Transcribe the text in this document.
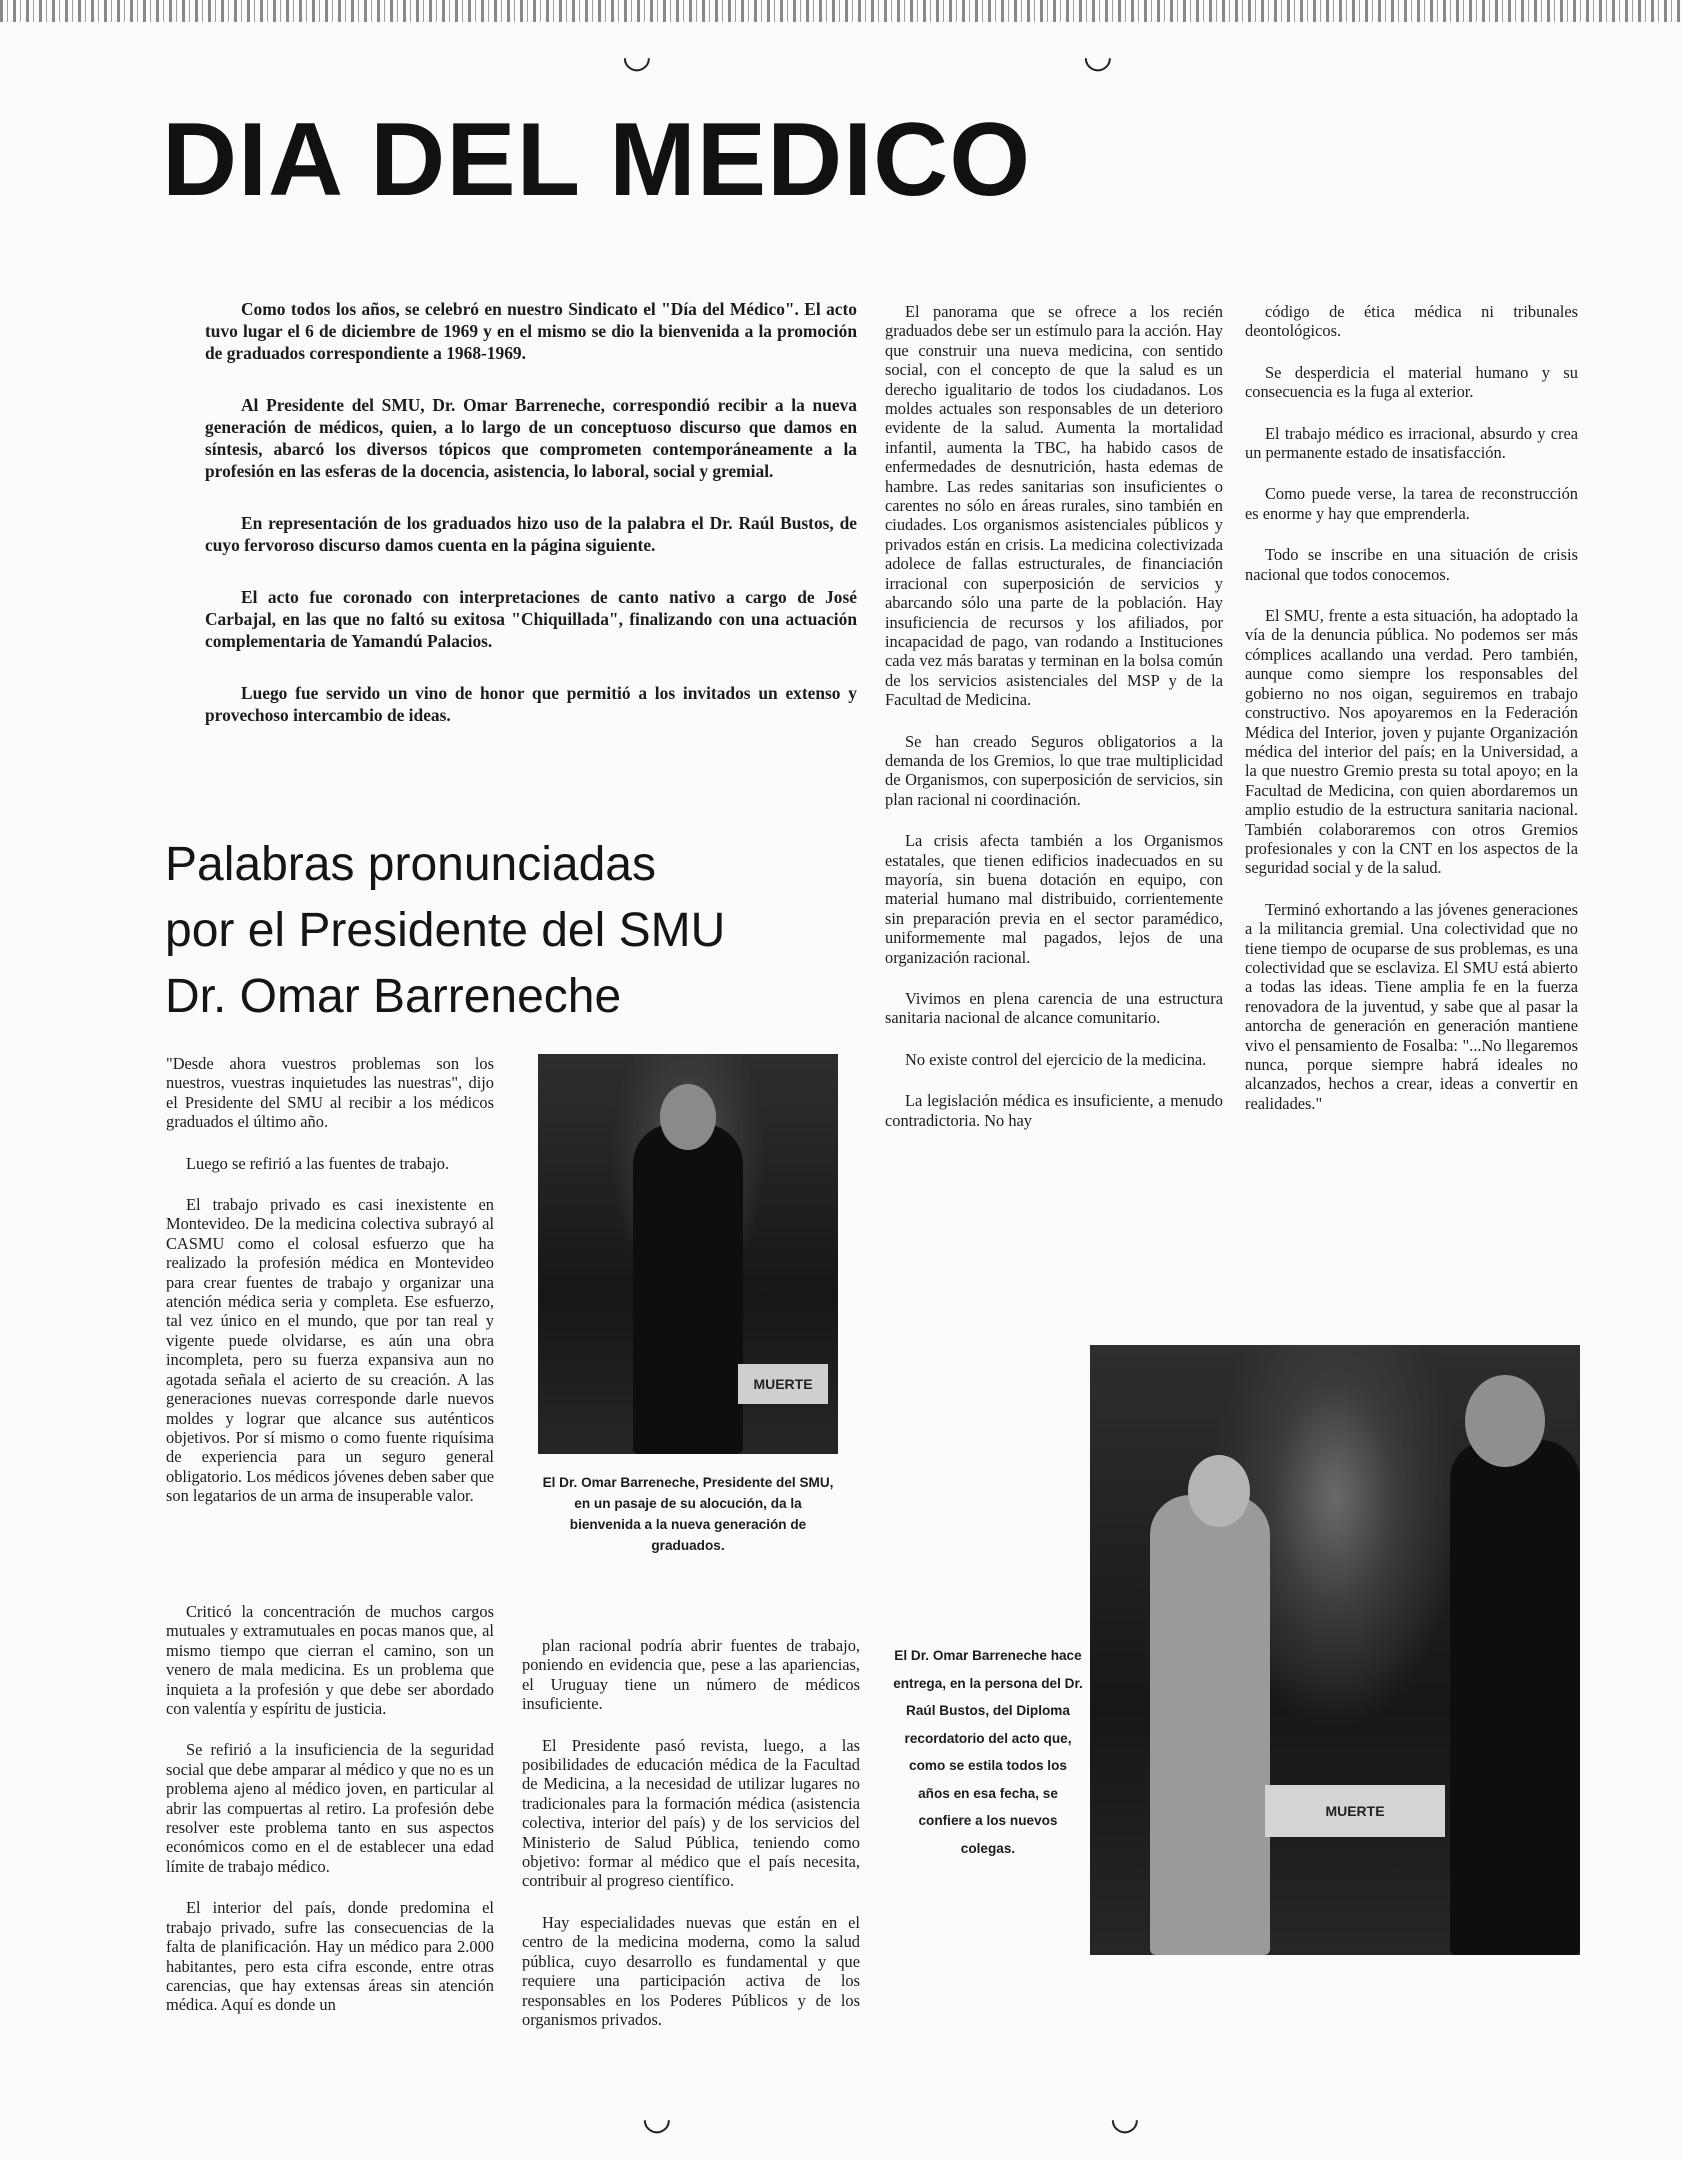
◡	◡
◡	◡
DIA DEL MEDICO

Como todos los años, se celebró en nuestro Sindicato el "Día del Médico". El acto tuvo lugar el 6 de diciembre de 1969 y en el mismo se dio la bienvenida a la promoción de graduados correspondiente a 1968-1969.

Al Presidente del SMU, Dr. Omar Barreneche, correspondió recibir a la nueva generación de médicos, quien, a lo largo de un conceptuoso discurso que damos en síntesis, abarcó los diversos tópicos que comprometen contemporáneamente a la profesión en las esferas de la docencia, asistencia, lo laboral, social y gremial.

En representación de los graduados hizo uso de la palabra el Dr. Raúl Bustos, de cuyo fervoroso discurso damos cuenta en la página siguiente.

El acto fue coronado con interpretaciones de canto nativo a cargo de José Carbajal, en las que no faltó su exitosa "Chiquillada", finalizando con una actuación complementaria de Yamandú Palacios.

Luego fue servido un vino de honor que permitió a los invitados un extenso y provechoso intercambio de ideas.

Palabras pronunciadas
por el Presidente del SMU
Dr. Omar Barreneche

"Desde ahora vuestros problemas son los nuestros, vuestras inquietudes las nuestras", dijo el Presidente del SMU al recibir a los médicos graduados el último año.

Luego se refirió a las fuentes de trabajo.

El trabajo privado es casi inexistente en Montevideo. De la medicina colectiva subrayó al CASMU como el colosal esfuerzo que ha realizado la profesión médica en Montevideo para crear fuentes de trabajo y organizar una atención médica seria y completa. Ese esfuerzo, tal vez único en el mundo, que por tan real y vigente puede olvidarse, es aún una obra incompleta, pero su fuerza expansiva aun no agotada señala el acierto de su creación. A las generaciones nuevas corresponde darle nuevos moldes y lograr que alcance sus auténticos objetivos. Por sí mismo o como fuente riquísima de experiencia para un seguro general obligatorio. Los médicos jóvenes deben saber que son legatarios de un arma de insuperable valor.

Criticó la concentración de muchos cargos mutuales y extramutuales en pocas manos que, al mismo tiempo que cierran el camino, son un venero de mala medicina. Es un problema que inquieta a la profesión y que debe ser abordado con valentía y espíritu de justicia.

Se refirió a la insuficiencia de la seguridad social que debe amparar al médico y que no es un problema ajeno al médico joven, en particular al abrir las compuertas al retiro. La profesión debe resolver este problema tanto en sus aspectos económicos como en el de establecer una edad límite de trabajo médico.

El interior del país, donde predomina el trabajo privado, sufre las consecuencias de la falta de planificación. Hay un médico para 2.000 habitantes, pero esta cifra esconde, entre otras carencias, que hay extensas áreas sin atención médica. Aquí es donde un

MUERTE
El Dr. Omar Barreneche, Presidente del SMU, en un pasaje de su alocución, da la bienvenida a la nueva generación de graduados.

plan racional podría abrir fuentes de trabajo, poniendo en evidencia que, pese a las apariencias, el Uruguay tiene un número de médicos insuficiente.

El Presidente pasó revista, luego, a las posibilidades de educación médica de la Facultad de Medicina, a la necesidad de utilizar lugares no tradicionales para la formación médica (asistencia colectiva, interior del país) y de los servicios del Ministerio de Salud Pública, teniendo como objetivo: formar al médico que el país necesita, contribuir al progreso científico.

Hay especialidades nuevas que están en el centro de la medicina moderna, como la salud pública, cuyo desarrollo es fundamental y que requiere una participación activa de los responsables en los Poderes Públicos y de los organismos privados.

El panorama que se ofrece a los recién graduados debe ser un estímulo para la acción. Hay que construir una nueva medicina, con sentido social, con el concepto de que la salud es un derecho igualitario de todos los ciudadanos. Los moldes actuales son responsables de un deterioro evidente de la salud. Aumenta la mortalidad infantil, aumenta la TBC, ha habido casos de enfermedades de desnutrición, hasta edemas de hambre. Las redes sanitarias son insuficientes o carentes no sólo en áreas rurales, sino también en ciudades. Los organismos asistenciales públicos y privados están en crisis. La medicina colectivizada adolece de fallas estructurales, de financiación irracional con superposición de servicios y abarcando sólo una parte de la población. Hay insuficiencia de recursos y los afiliados, por incapacidad de pago, van rodando a Instituciones cada vez más baratas y terminan en la bolsa común de los servicios asistenciales del MSP y de la Facultad de Medicina.

Se han creado Seguros obligatorios a la demanda de los Gremios, lo que trae multiplicidad de Organismos, con superposición de servicios, sin plan racional ni coordinación.

La crisis afecta también a los Organismos estatales, que tienen edificios inadecuados en su mayoría, sin buena dotación en equipo, con material humano mal distribuido, corrientemente sin preparación previa en el sector paramédico, uniformemente mal pagados, lejos de una organización racional.

Vivimos en plena carencia de una estructura sanitaria nacional de alcance comunitario.

No existe control del ejercicio de la medicina.

La legislación médica es insuficiente, a menudo contradictoria. No hay

código de ética médica ni tribunales deontológicos.

Se desperdicia el material humano y su consecuencia es la fuga al exterior.

El trabajo médico es irracional, absurdo y crea un permanente estado de insatisfacción.

Como puede verse, la tarea de reconstrucción es enorme y hay que emprenderla.

Todo se inscribe en una situación de crisis nacional que todos conocemos.

El SMU, frente a esta situación, ha adoptado la vía de la denuncia pública. No podemos ser más cómplices acallando una verdad. Pero también, aunque como siempre los responsables del gobierno no nos oigan, seguiremos en trabajo constructivo. Nos apoyaremos en la Federación Médica del Interior, joven y pujante Organización médica del interior del país; en la Universidad, a la que nuestro Gremio presta su total apoyo; en la Facultad de Medicina, con quien abordaremos un amplio estudio de la estructura sanitaria nacional. También colaboraremos con otros Gremios profesionales y con la CNT en los aspectos de la seguridad social y de la salud.

Terminó exhortando a las jóvenes generaciones a la militancia gremial. Una colectividad que no tiene tiempo de ocuparse de sus problemas, es una colectividad que se esclaviza. El SMU está abierto a todas las ideas. Tiene amplia fe en la fuerza renovadora de la juventud, y sabe que al pasar la antorcha de generación en generación mantiene vivo el pensamiento de Fosalba: "...No llegaremos nunca, porque siempre habrá ideales no alcanzados, hechos a crear, ideas a convertir en realidades."

MUERTE
El Dr. Omar Barreneche hace entrega, en la persona del Dr. Raúl Bustos, del Diploma recordatorio del acto que, como se estila todos los años en esa fecha, se confiere a los nuevos colegas.
